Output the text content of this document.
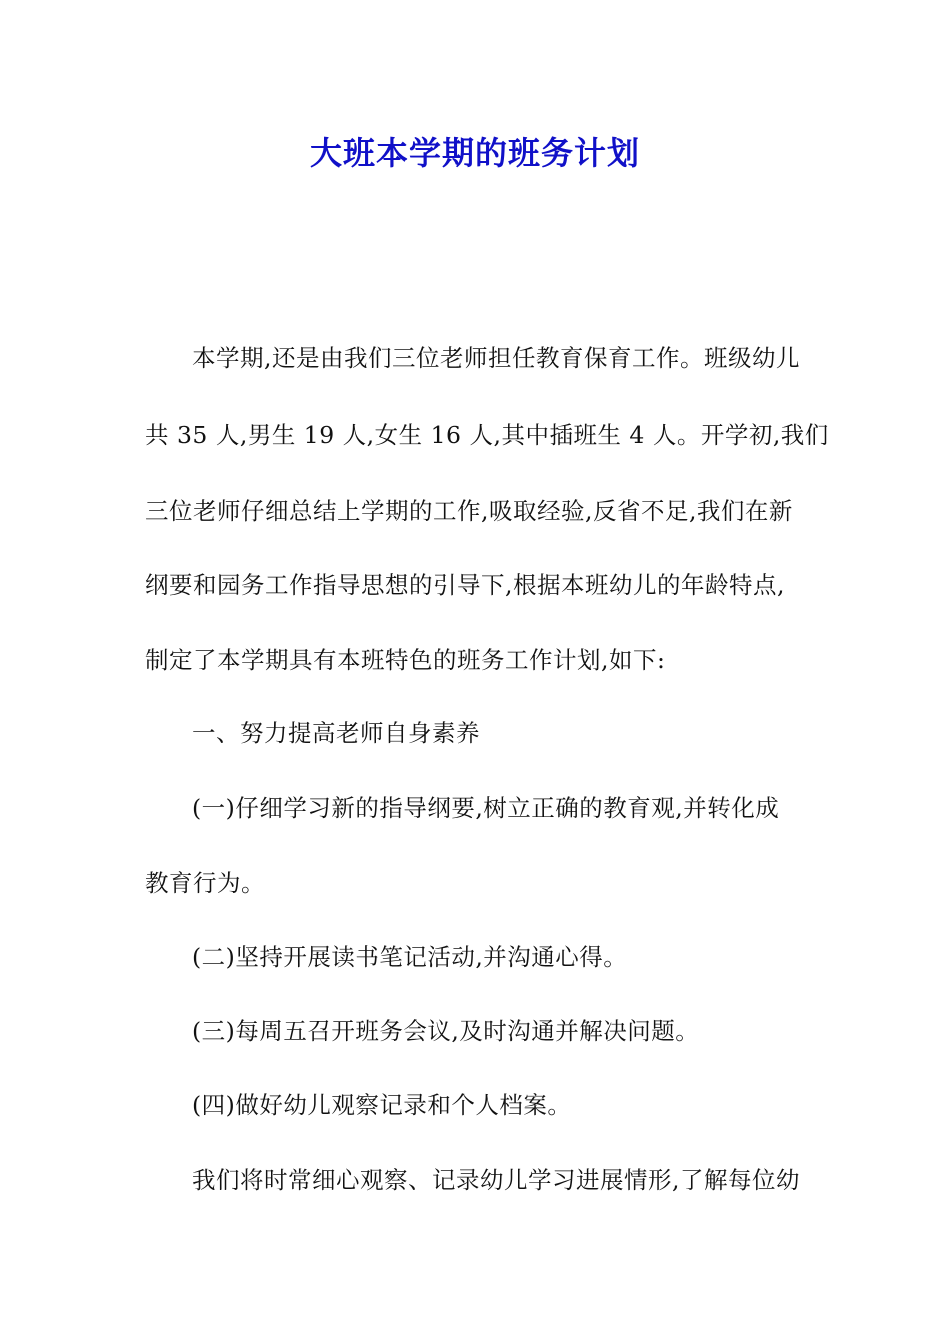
大班本学期的班务计划
本学期,还是由我们三位老师担任教育保育工作。班级幼儿
共 35 人,男生 19 人,女生 16 人,其中插班生 4 人。开学初,我们
三位老师仔细总结上学期的工作,吸取经验,反省不足,我们在新
纲要和园务工作指导思想的引导下,根据本班幼儿的年龄特点,
制定了本学期具有本班特色的班务工作计划,如下:
一、努力提高老师自身素养
(一)仔细学习新的指导纲要,树立正确的教育观,并转化成
教育行为。
(二)坚持开展读书笔记活动,并沟通心得。
(三)每周五召开班务会议,及时沟通并解决问题。
(四)做好幼儿观察记录和个人档案。
我们将时常细心观察、记录幼儿学习进展情形,了解每位幼
